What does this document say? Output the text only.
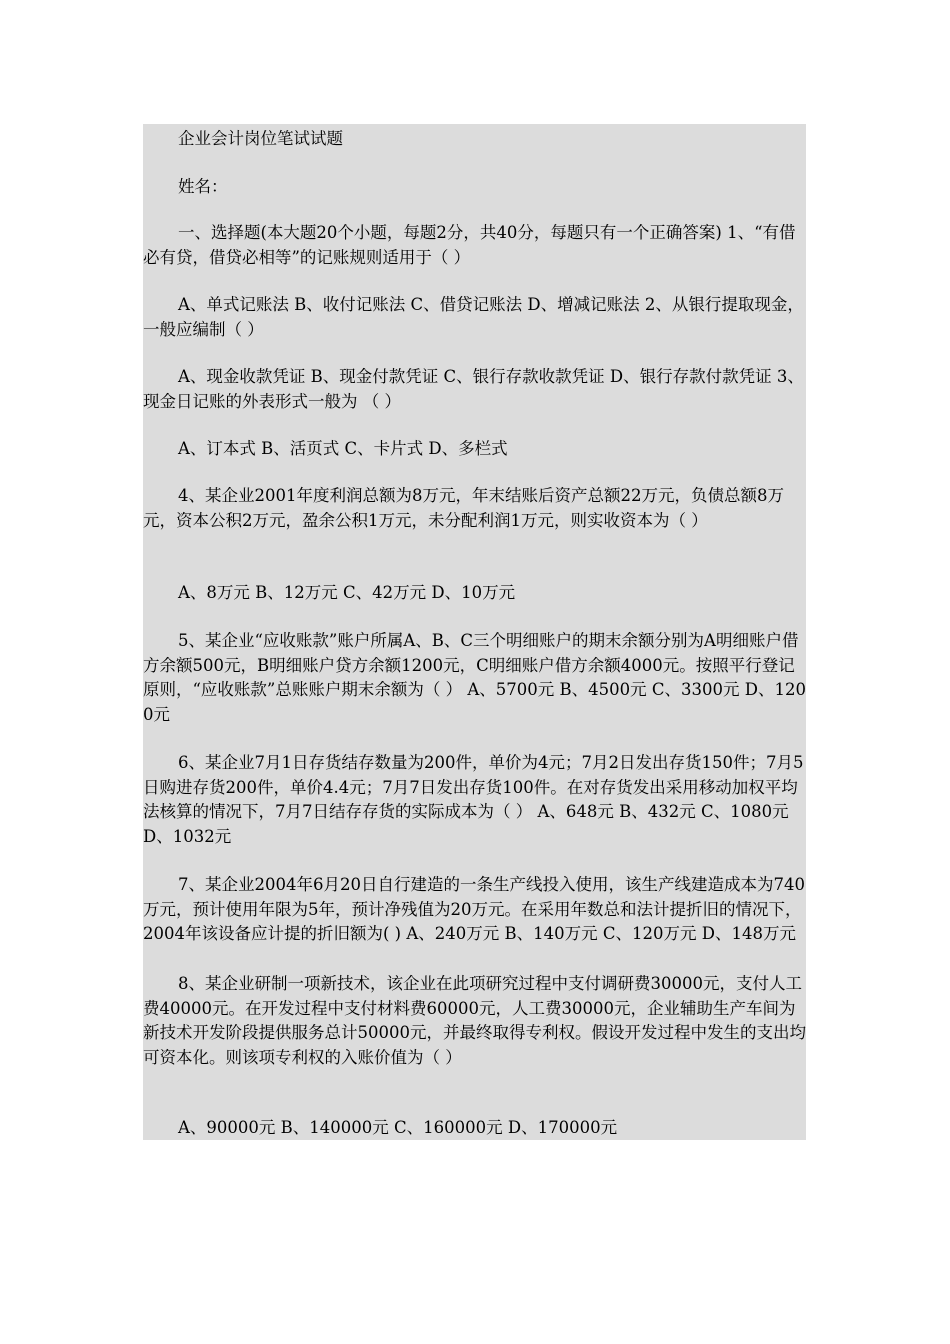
企业会计岗位笔试试题

姓名：

一、选择题(本大题20个小题，每题2分，共40分，每题只有一个正确答案) 1、“有借必有贷，借贷必相等”的记账规则适用于（ ）

A、单式记账法 B、收付记账法 C、借贷记账法 D、增减记账法 2、从银行提取现金，一般应编制（ ）

A、现金收款凭证 B、现金付款凭证 C、银行存款收款凭证 D、银行存款付款凭证 3、现金日记账的外表形式一般为 （ ）

A、订本式 B、活页式 C、卡片式 D、多栏式

4、某企业2001年度利润总额为8万元，年末结账后资产总额22万元，负债总额8万元，资本公积2万元，盈余公积1万元，未分配利润1万元，则实收资本为（ ）

A、8万元 B、12万元 C、42万元 D、10万元

5、某企业“应收账款”账户所属A、B、C三个明细账户的期末余额分别为A明细账户借方余额500元，B明细账户贷方余额1200元，C明细账户借方余额4000元。按照平行登记原则，“应收账款”总账账户期末余额为（ ） A、5700元 B、4500元 C、3300元 D、1200元

6、某企业7月1日存货结存数量为200件，单价为4元；7月2日发出存货150件；7月5日购进存货200件，单价4.4元；7月7日发出存货100件。在对存货发出采用移动加权平均法核算的情况下，7月7日结存存货的实际成本为（ ） A、648元 B、432元 C、1080元 D、1032元

7、某企业2004年6月20日自行建造的一条生产线投入使用，该生产线建造成本为740万元，预计使用年限为5年，预计净残值为20万元。在采用年数总和法计提折旧的情况下，2004年该设备应计提的折旧额为( ) A、240万元 B、140万元 C、120万元 D、148万元

8、某企业研制一项新技术，该企业在此项研究过程中支付调研费30000元，支付人工费40000元。在开发过程中支付材料费60000元，人工费30000元，企业辅助生产车间为新技术开发阶段提供服务总计50000元，并最终取得专利权。假设开发过程中发生的支出均可资本化。则该项专利权的入账价值为（ ）

A、90000元 B、140000元 C、160000元 D、170000元
